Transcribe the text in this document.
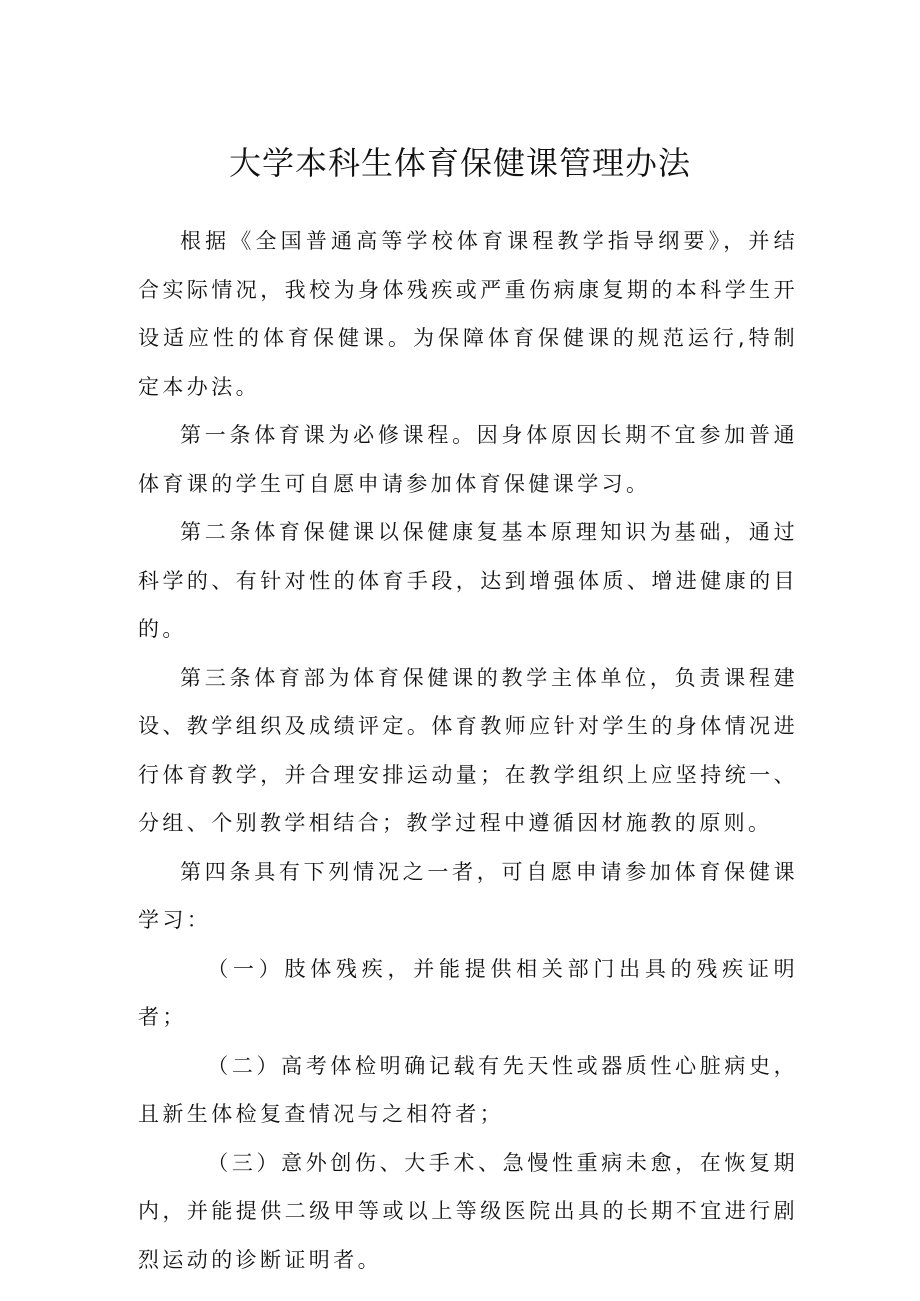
大学本科生体育保健课管理办法

根据《全国普通高等学校体育课程教学指导纲要》，并结合实际情况，我校为身体残疾或严重伤病康复期的本科学生开设适应性的体育保健课。为保障体育保健课的规范运行,特制定本办法。

第一条体育课为必修课程。因身体原因长期不宜参加普通体育课的学生可自愿申请参加体育保健课学习。

第二条体育保健课以保健康复基本原理知识为基础，通过科学的、有针对性的体育手段，达到增强体质、增进健康的目的。

第三条体育部为体育保健课的教学主体单位，负责课程建设、教学组织及成绩评定。体育教师应针对学生的身体情况进行体育教学，并合理安排运动量；在教学组织上应坚持统一、分组、个别教学相结合；教学过程中遵循因材施教的原则。

第四条具有下列情况之一者，可自愿申请参加体育保健课学习：

（一）肢体残疾，并能提供相关部门出具的残疾证明者；

（二）高考体检明确记载有先天性或器质性心脏病史，且新生体检复查情况与之相符者；

（三）意外创伤、大手术、急慢性重病未愈，在恢复期内，并能提供二级甲等或以上等级医院出具的长期不宜进行剧烈运动的诊断证明者。
